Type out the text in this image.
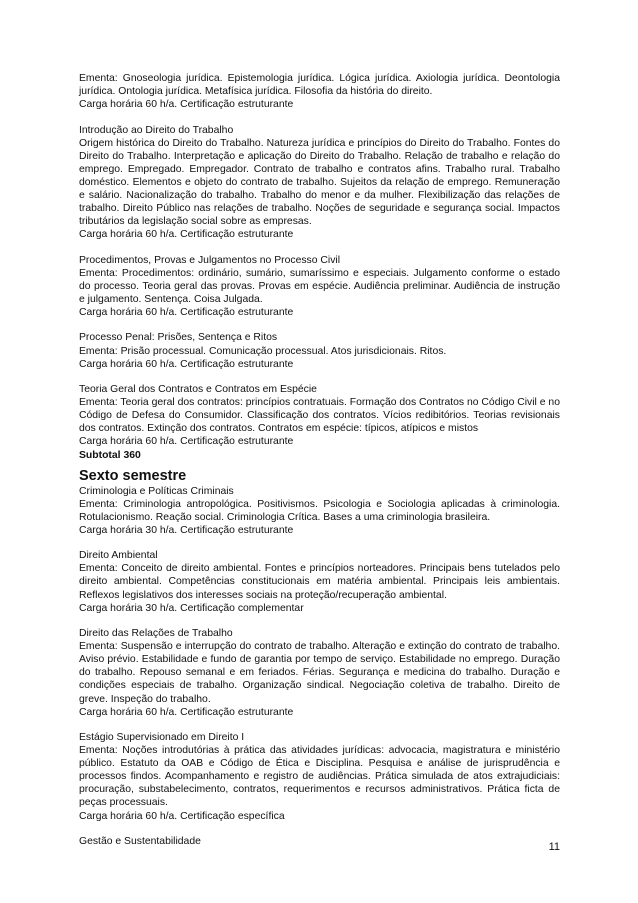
Ementa: Gnoseologia jurídica. Epistemologia jurídica. Lógica jurídica. Axiologia jurídica. Deontologia jurídica. Ontologia jurídica. Metafísica jurídica. Filosofia da história do direito.
Carga horária 60 h/a. Certificação estruturante
Introdução ao Direito do Trabalho
Origem histórica do Direito do Trabalho. Natureza jurídica e princípios do Direito do Trabalho. Fontes do Direito do Trabalho. Interpretação e aplicação do Direito do Trabalho. Relação de trabalho e relação do emprego. Empregado. Empregador. Contrato de trabalho e contratos afins. Trabalho rural. Trabalho doméstico. Elementos e objeto do contrato de trabalho. Sujeitos da relação de emprego. Remuneração e salário. Nacionalização do trabalho. Trabalho do menor e da mulher. Flexibilização das relações de trabalho. Direito Público nas relações de trabalho. Noções de seguridade e segurança social. Impactos tributários da legislação social sobre as empresas.
Carga horária 60 h/a. Certificação estruturante
Procedimentos, Provas e Julgamentos no Processo Civil
Ementa: Procedimentos: ordinário, sumário, sumaríssimo e especiais. Julgamento conforme o estado do processo. Teoria geral das provas. Provas em espécie. Audiência preliminar. Audiência de instrução e julgamento. Sentença. Coisa Julgada.
Carga horária 60 h/a. Certificação estruturante
Processo Penal: Prisões, Sentença e Ritos
Ementa: Prisão processual. Comunicação processual. Atos jurisdicionais. Ritos.
Carga horária 60 h/a. Certificação estruturante
Teoria Geral dos Contratos e Contratos em Espécie
Ementa: Teoria geral dos contratos: princípios contratuais. Formação dos Contratos no Código Civil e no Código de Defesa do Consumidor. Classificação dos contratos. Vícios redibitórios. Teorias revisionais dos contratos. Extinção dos contratos. Contratos em espécie: típicos, atípicos e mistos
Carga horária 60 h/a. Certificação estruturante
Subtotal 360
Sexto semestre
Criminologia e Políticas Criminais
Ementa: Criminologia antropológica. Positivismos. Psicologia e Sociologia aplicadas à criminologia. Rotulacionismo. Reação social. Criminologia Crítica. Bases a uma criminologia brasileira.
Carga horária 30 h/a. Certificação estruturante
Direito Ambiental
Ementa: Conceito de direito ambiental. Fontes e princípios norteadores. Principais bens tutelados pelo direito ambiental. Competências constitucionais em matéria ambiental. Principais leis ambientais. Reflexos legislativos dos interesses sociais na proteção/recuperação ambiental.
Carga horária 30 h/a. Certificação complementar
Direito das Relações de Trabalho
Ementa: Suspensão e interrupção do contrato de trabalho. Alteração e extinção do contrato de trabalho. Aviso prévio. Estabilidade e fundo de garantia por tempo de serviço. Estabilidade no emprego. Duração do trabalho. Repouso semanal e em feriados. Férias. Segurança e medicina do trabalho. Duração e condições especiais de trabalho. Organização sindical. Negociação coletiva de trabalho. Direito de greve. Inspeção do trabalho.
Carga horária 60 h/a. Certificação estruturante
Estágio Supervisionado em Direito I
Ementa: Noções introdutórias à prática das atividades jurídicas: advocacia, magistratura e ministério público. Estatuto da OAB e Código de Ética e Disciplina. Pesquisa e análise de jurisprudência e processos findos. Acompanhamento e registro de audiências. Prática simulada de atos extrajudiciais: procuração, substabelecimento, contratos, requerimentos e recursos administrativos. Prática ficta de peças processuais.
Carga horária 60 h/a. Certificação específica
Gestão e Sustentabilidade	11
